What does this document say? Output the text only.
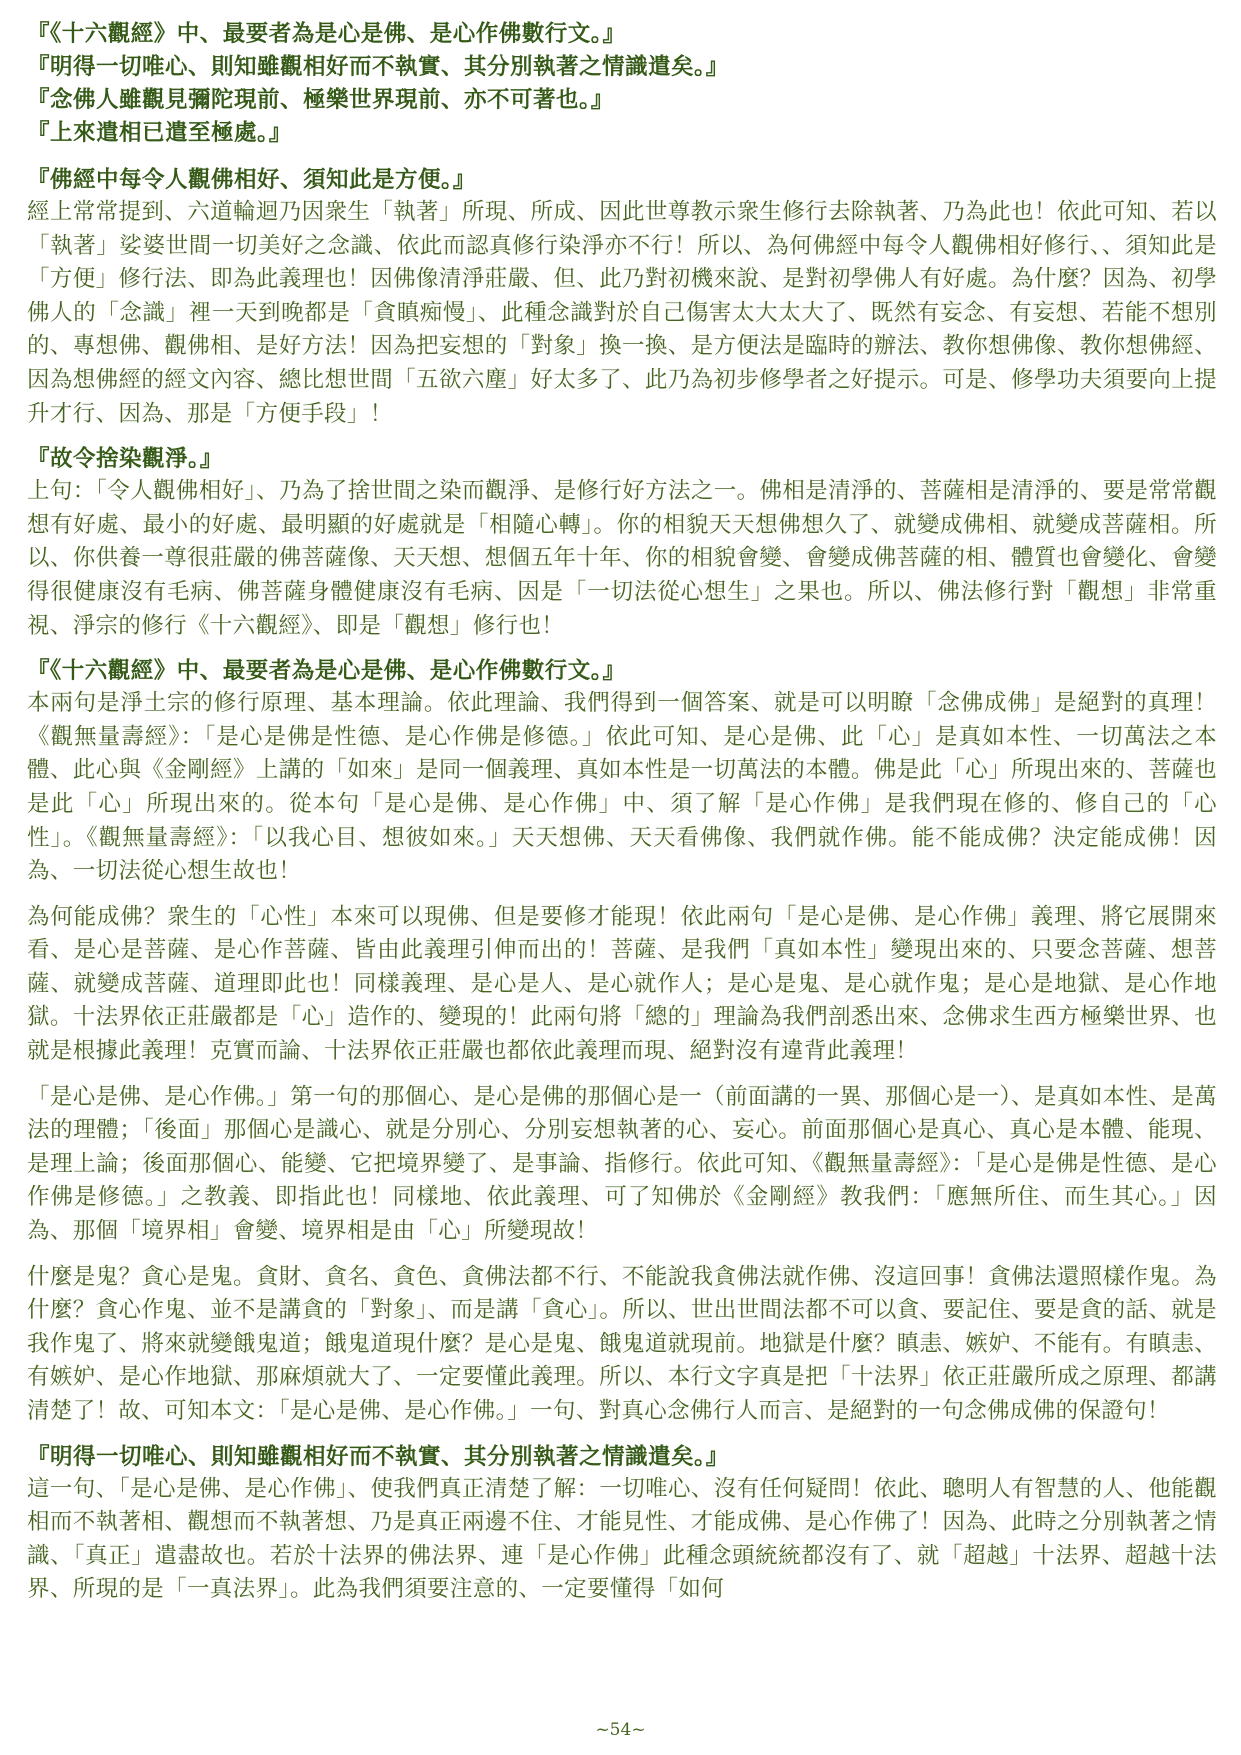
『《十六觀經》中、最要者為是心是佛、是心作佛數行文。』
『明得一切唯心、則知雖觀相好而不執實、其分別執著之情識遣矣。』
『念佛人雖觀見彌陀現前、極樂世界現前、亦不可著也。』
『上來遣相已遣至極處。』
『佛經中每令人觀佛相好、須知此是方便。』

經上常常提到、六道輪迴乃因衆生「執著」所現、所成、因此世尊教示衆生修行去除執著、乃為此也！依此可知、若以「執著」娑婆世間一切美好之念識、依此而認真修行染淨亦不行！所以、為何佛經中每令人觀佛相好修行、、須知此是「方便」修行法、即為此義理也！因佛像清淨莊嚴、但、此乃對初機來說、是對初學佛人有好處。為什麼？因為、初學佛人的「念識」裡一天到晚都是「貪瞋痴慢」、此種念識對於自己傷害太大太大了、既然有妄念、有妄想、若能不想別的、專想佛、觀佛相、是好方法！因為把妄想的「對象」換一換、是方便法是臨時的辦法、教你想佛像、教你想佛經、因為想佛經的經文內容、總比想世間「五欲六塵」好太多了、此乃為初步修學者之好提示。可是、修學功夫須要向上提升才行、因為、那是「方便手段」！

『故令捨染觀淨。』

上句：「令人觀佛相好」、乃為了捨世間之染而觀淨、是修行好方法之一。佛相是清淨的、菩薩相是清淨的、要是常常觀想有好處、最小的好處、最明顯的好處就是「相隨心轉」。你的相貌天天想佛想久了、就變成佛相、就變成菩薩相。所以、你供養一尊很莊嚴的佛菩薩像、天天想、想個五年十年、你的相貌會變、會變成佛菩薩的相、體質也會變化、會變得很健康沒有毛病、佛菩薩身體健康沒有毛病、因是「一切法從心想生」之果也。所以、佛法修行對「觀想」非常重視、淨宗的修行《十六觀經》、即是「觀想」修行也！

『《十六觀經》中、最要者為是心是佛、是心作佛數行文。』

本兩句是淨土宗的修行原理、基本理論。依此理論、我們得到一個答案、就是可以明瞭「念佛成佛」是絕對的真理！《觀無量壽經》：「是心是佛是性德、是心作佛是修德。」依此可知、是心是佛、此「心」是真如本性、一切萬法之本體、此心與《金剛經》上講的「如來」是同一個義理、真如本性是一切萬法的本體。佛是此「心」所現出來的、菩薩也是此「心」所現出來的。從本句「是心是佛、是心作佛」中、須了解「是心作佛」是我們現在修的、修自己的「心性」。《觀無量壽經》：「以我心目、想彼如來。」天天想佛、天天看佛像、我們就作佛。能不能成佛？決定能成佛！因為、一切法從心想生故也！

為何能成佛？衆生的「心性」本來可以現佛、但是要修才能現！依此兩句「是心是佛、是心作佛」義理、將它展開來看、是心是菩薩、是心作菩薩、皆由此義理引伸而出的！菩薩、是我們「真如本性」變現出來的、只要念菩薩、想菩薩、就變成菩薩、道理即此也！同樣義理、是心是人、是心就作人；是心是鬼、是心就作鬼；是心是地獄、是心作地獄。十法界依正莊嚴都是「心」造作的、變現的！此兩句將「總的」理論為我們剖悉出來、念佛求生西方極樂世界、也就是根據此義理！克實而論、十法界依正莊嚴也都依此義理而現、絕對沒有違背此義理！

「是心是佛、是心作佛。」第一句的那個心、是心是佛的那個心是一（前面講的一異、那個心是一）、是真如本性、是萬法的理體；「後面」那個心是識心、就是分別心、分別妄想執著的心、妄心。前面那個心是真心、真心是本體、能現、是理上論；後面那個心、能變、它把境界變了、是事論、指修行。依此可知、《觀無量壽經》：「是心是佛是性德、是心作佛是修德。」之教義、即指此也！同樣地、依此義理、可了知佛於《金剛經》教我們：「應無所住、而生其心。」因為、那個「境界相」會變、境界相是由「心」所變現故！

什麼是鬼？貪心是鬼。貪財、貪名、貪色、貪佛法都不行、不能說我貪佛法就作佛、沒這回事！貪佛法還照樣作鬼。為什麼？貪心作鬼、並不是講貪的「對象」、而是講「貪心」。所以、世出世間法都不可以貪、要記住、要是貪的話、就是我作鬼了、將來就變餓鬼道；餓鬼道現什麼？是心是鬼、餓鬼道就現前。地獄是什麼？瞋恚、嫉妒、不能有。有瞋恚、有嫉妒、是心作地獄、那麻煩就大了、一定要懂此義理。所以、本行文字真是把「十法界」依正莊嚴所成之原理、都講清楚了！故、可知本文：「是心是佛、是心作佛。」一句、對真心念佛行人而言、是絕對的一句念佛成佛的保證句！

『明得一切唯心、則知雖觀相好而不執實、其分別執著之情識遣矣。』

這一句、「是心是佛、是心作佛」、使我們真正清楚了解：一切唯心、沒有任何疑問！依此、聰明人有智慧的人、他能觀相而不執著相、觀想而不執著想、乃是真正兩邊不住、才能見性、才能成佛、是心作佛了！因為、此時之分別執著之情識、「真正」遣盡故也。若於十法界的佛法界、連「是心作佛」此種念頭統統都沒有了、就「超越」十法界、超越十法界、所現的是「一真法界」。此為我們須要注意的、一定要懂得「如何

~54~
